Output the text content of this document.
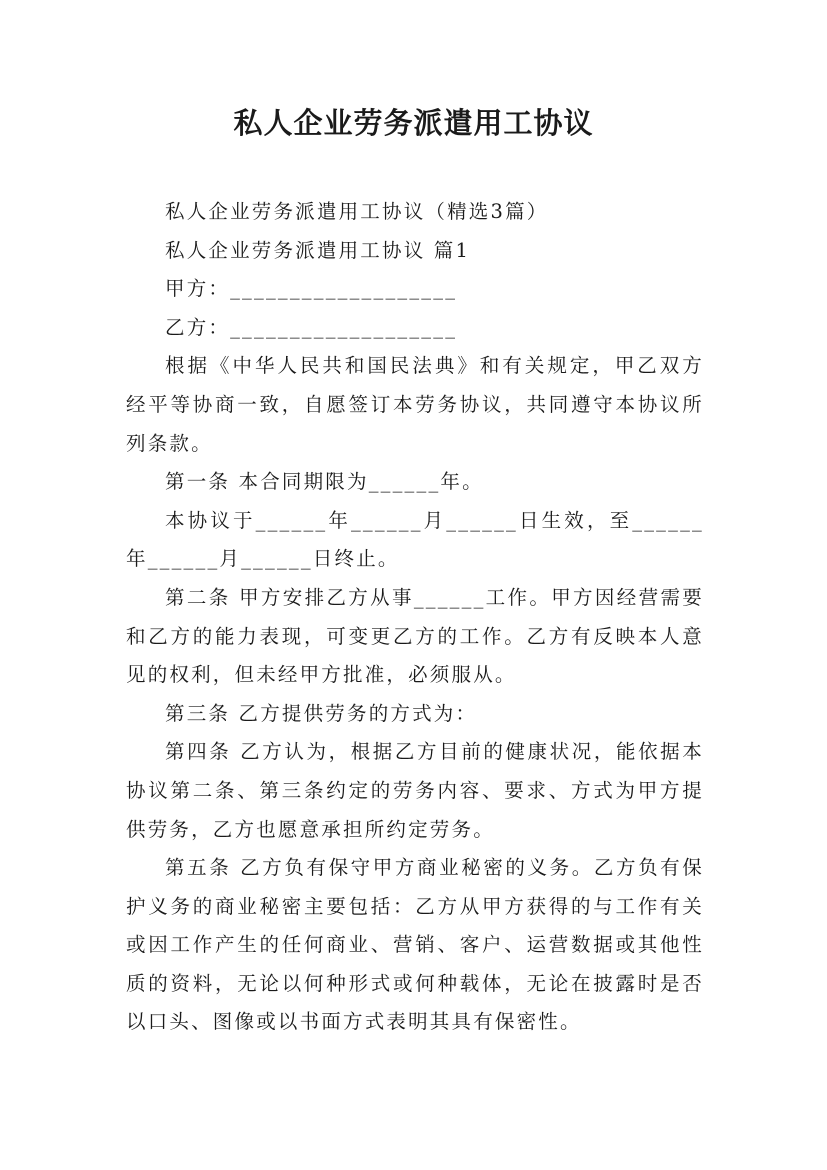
私人企业劳务派遣用工协议

私人企业劳务派遣用工协议（精选3篇）

私人企业劳务派遣用工协议 篇1

甲方：___________________

乙方：___________________

根据《中华人民共和国民法典》和有关规定，甲乙双方经平等协商一致，自愿签订本劳务协议，共同遵守本协议所列条款。

第一条 本合同期限为______年。

本协议于______年______月______日生效，至______年______月______日终止。

第二条 甲方安排乙方从事______工作。甲方因经营需要和乙方的能力表现，可变更乙方的工作。乙方有反映本人意见的权利，但未经甲方批准，必须服从。

第三条 乙方提供劳务的方式为：

第四条 乙方认为，根据乙方目前的健康状况，能依据本协议第二条、第三条约定的劳务内容、要求、方式为甲方提供劳务，乙方也愿意承担所约定劳务。

第五条 乙方负有保守甲方商业秘密的义务。乙方负有保护义务的商业秘密主要包括：乙方从甲方获得的与工作有关或因工作产生的任何商业、营销、客户、运营数据或其他性质的资料，无论以何种形式或何种载体，无论在披露时是否以口头、图像或以书面方式表明其具有保密性。
